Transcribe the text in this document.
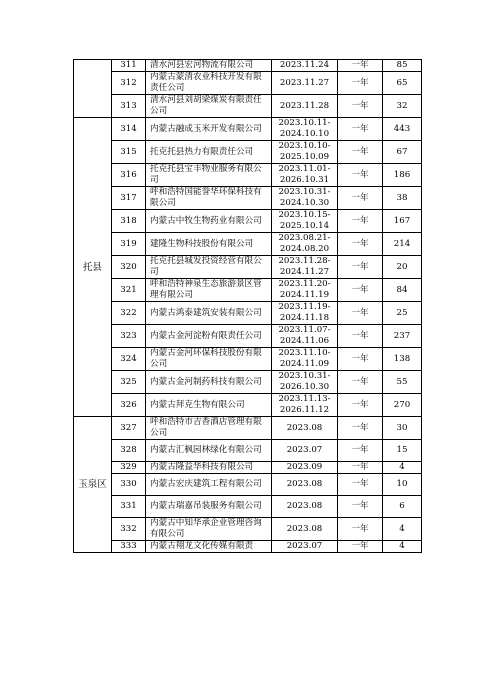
	311	清水河县宏河物流有限公司	2023.11.24	一年	85
	312	内蒙古蒙清农业科技开发有限责任公司	2023.11.27	一年	65
	313	清水河县刘胡梁煤炭有限责任公司	2023.11.28	一年	32
托县	314	内蒙古融成玉米开发有限公司	2023.10.11-2024.10.10	一年	443
	315	托克托县热力有限责任公司	2023.10.10-2025.10.09	一年	67
	316	托克托县宝丰物业服务有限公司	2023.11.01-2026.10.31	一年	186
	317	呼和浩特国能誉华环保科技有限公司	2023.10.31-2024.10.30	一年	38
	318	内蒙古中牧生物药业有限公司	2023.10.15-2025.10.14	一年	167
	319	建隆生物科技股份有限公司	2023.08.21-2024.08.20	一年	214
	320	托克托县城发投资经营有限公司	2023.11.28-2024.11.27	一年	20
	321	呼和浩特神泉生态旅游景区管理有限公司	2023.11.20-2024.11.19	一年	84
	322	内蒙古鸿泰建筑安装有限公司	2023.11.19-2024.11.18	一年	25
	323	内蒙古金河淀粉有限责任公司	2023.11.07-2024.11.06	一年	237
	324	内蒙古金河环保科技股份有限公司	2023.11.10-2024.11.09	一年	138
	325	内蒙古金河制药科技有限公司	2023.10.31-2026.10.30	一年	55
	326	内蒙古拜克生物有限公司	2023.11.13-2026.11.12	一年	270
玉泉区	327	呼和浩特市吉香酒店管理有限公司	2023.08	一年	30
	328	内蒙古汇枫园林绿化有限公司	2023.07	一年	15
	329	内蒙古隆益华科技有限公司	2023.09	一年	4
	330	内蒙古宏庆建筑工程有限公司	2023.08	一年	10
	331	内蒙古瑞嘉吊装服务有限公司	2023.08	一年	6
	332	内蒙古中知华承企业管理咨询有限公司	2023.08	一年	4
	333	内蒙古翔龙文化传媒有限责	2023.07	一年	4
